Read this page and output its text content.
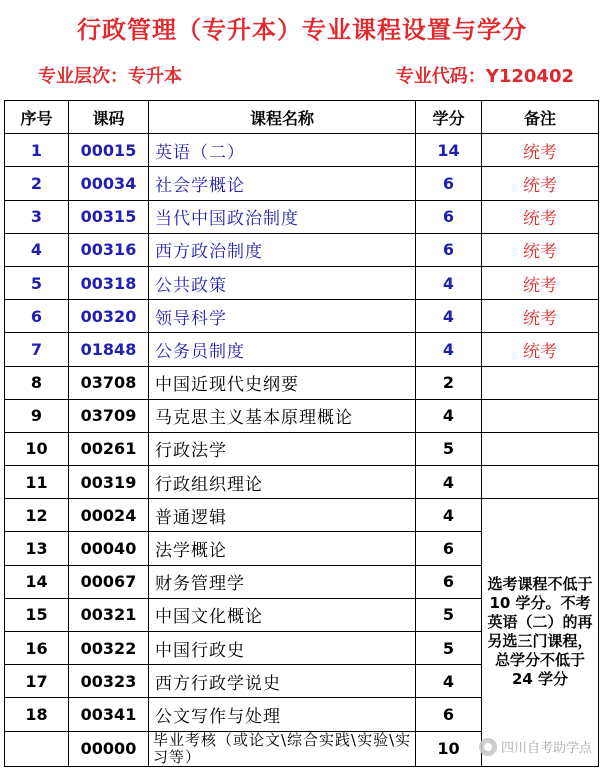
行政管理（专升本）专业课程设置与学分
专业层次：专升本	专业代码：Y120402
序号	课码	课程名称	学分	备注
1	00015	英语（二）	14	统考
2	00034	社会学概论	6	统考
3	00315	当代中国政治制度	6	统考
4	00316	西方政治制度	6	统考
5	00318	公共政策	4	统考
6	00320	领导科学	4	统考
7	01848	公务员制度	4	统考
8	03708	中国近现代史纲要	2	
9	03709	马克思主义基本原理概论	4	
10	00261	行政法学	5	
11	00319	行政组织理论	4	
12	00024	普通逻辑	4	选考课程不低于 10 学分。不考英语（二）的再另选三门课程，总学分不低于 24 学分
13	00040	法学概论	6	
14	00067	财务管理学	6	
15	00321	中国文化概论	5	
16	00322	中国行政史	5	
17	00323	西方行政学说史	4	
18	00341	公文写作与处理	6	
	00000	毕业考核（或论文\综合实践\实验\实习等）	10		四川自考助学点
